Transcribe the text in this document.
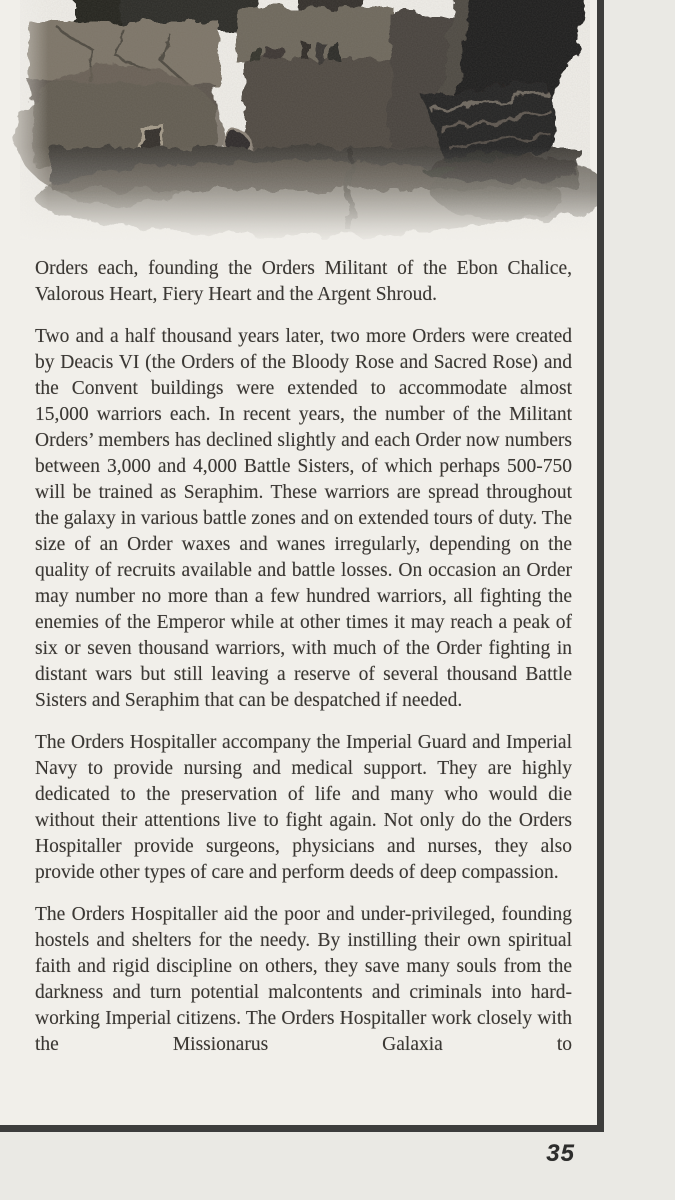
Orders each, founding the Orders Militant of the Ebon Chalice, Valorous Heart, Fiery Heart and the Argent Shroud.

Two and a half thousand years later, two more Orders were created by Deacis VI (the Orders of the Bloody Rose and Sacred Rose) and the Convent buildings were extended to accommodate almost 15,000 warriors each. In recent years, the number of the Militant Orders’ members has declined slightly and each Order now numbers between 3,000 and 4,000 Battle Sisters, of which perhaps 500-750 will be trained as Seraphim. These warriors are spread throughout the galaxy in various battle zones and on extended tours of duty. The size of an Order waxes and wanes irregularly, depending on the quality of recruits available and battle losses. On occasion an Order may number no more than a few hundred warriors, all fighting the enemies of the Emperor while at other times it may reach a peak of six or seven thousand warriors, with much of the Order fighting in distant wars but still leaving a reserve of several thousand Battle Sisters and Seraphim that can be despatched if needed.

The Orders Hospitaller accompany the Imperial Guard and Imperial Navy to provide nursing and medical support. They are highly dedicated to the preservation of life and many who would die without their attentions live to fight again. Not only do the Orders Hospitaller provide surgeons, physicians and nurses, they also provide other types of care and perform deeds of deep compassion.

The Orders Hospitaller aid the poor and under-privileged, founding hostels and shelters for the needy. By instilling their own spiritual faith and rigid discipline on others, they save many souls from the darkness and turn potential malcontents and criminals into hard-working Imperial citizens. The Orders Hospitaller work closely with the Missionarus Galaxia to

35
